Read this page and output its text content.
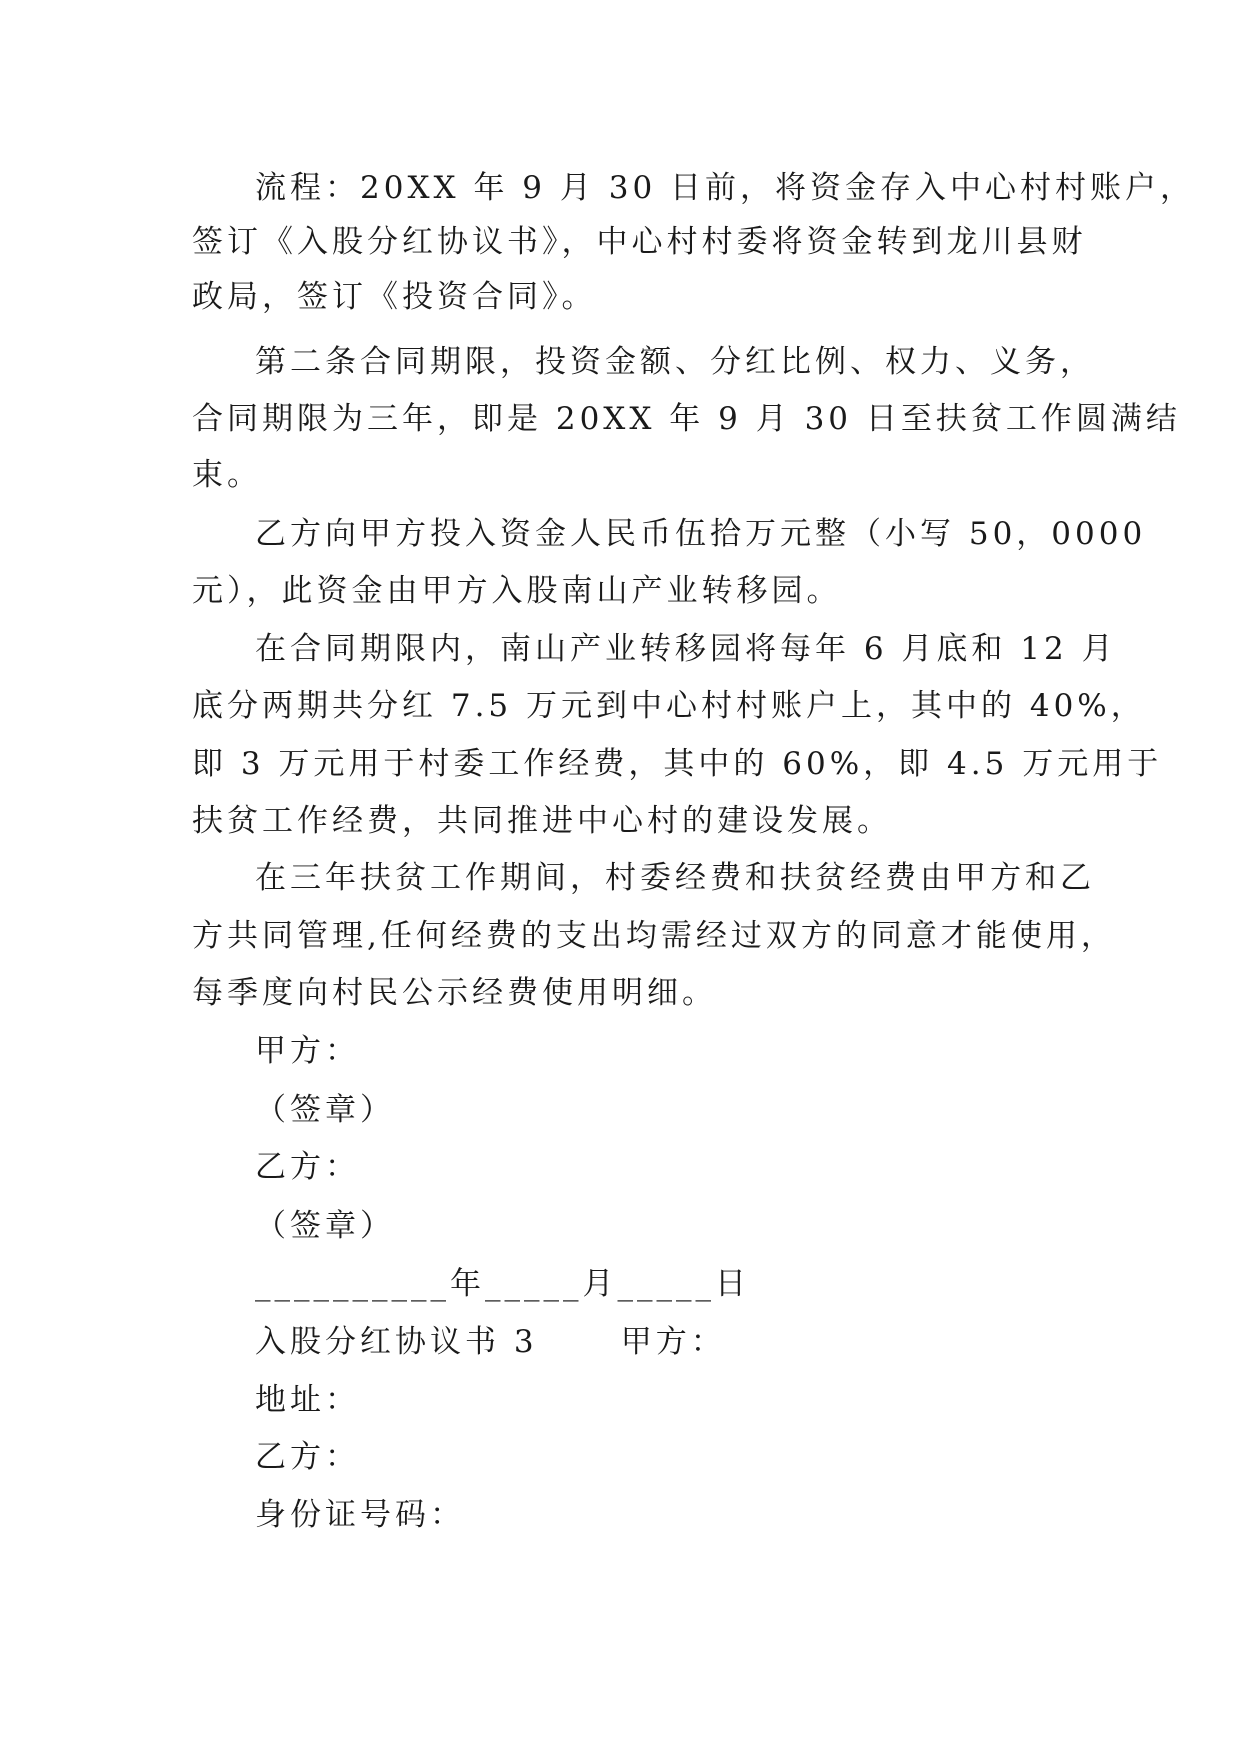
流程：20XX 年 9 月 30 日前，将资金存入中心村村账户，
签订《入股分红协议书》，中心村村委将资金转到龙川县财
政局，签订《投资合同》。
第二条合同期限，投资金额、分红比例、权力、义务，
合同期限为三年，即是 20XX 年 9 月 30 日至扶贫工作圆满结
束。
乙方向甲方投入资金人民币伍拾万元整（小写 50，0000
元），此资金由甲方入股南山产业转移园。
在合同期限内，南山产业转移园将每年 6 月底和 12 月
底分两期共分红 7.5 万元到中心村村账户上，其中的 40%，
即 3 万元用于村委工作经费，其中的 60%，即 4.5 万元用于
扶贫工作经费，共同推进中心村的建设发展。
在三年扶贫工作期间，村委经费和扶贫经费由甲方和乙
方共同管理,任何经费的支出均需经过双方的同意才能使用，
每季度向村民公示经费使用明细。
甲方：
（签章）
乙方：
（签章）
__________年_____月_____日
入股分红协议书 3      甲方：
地址：
乙方：
身份证号码：
